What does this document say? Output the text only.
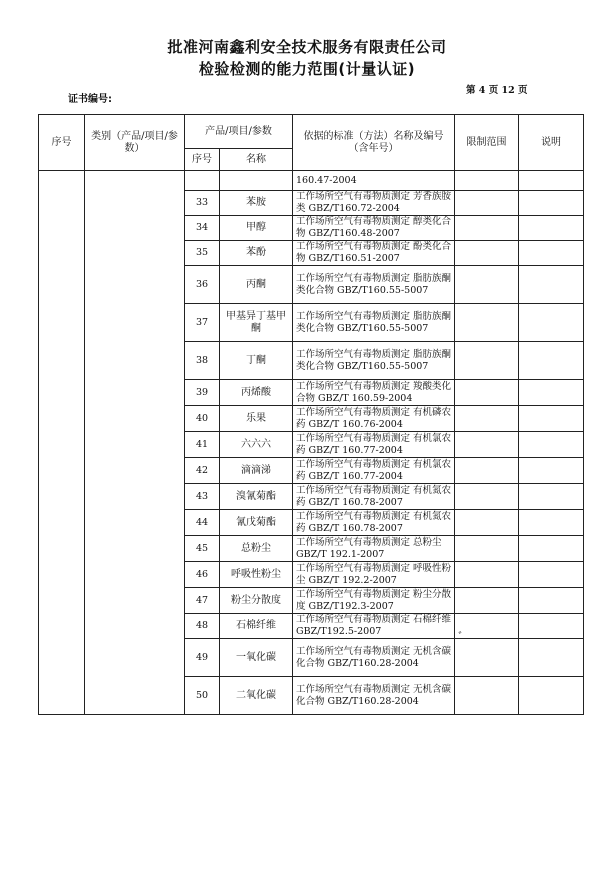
批准河南鑫利安全技术服务有限责任公司
检验检测的能力范围(计量认证)
第 4 页 12 页
证书编号:
序号	类别（产品/项目/参数）	产品/项目/参数		依据的标准（方法）名称及编号（含年号）	限制范围	说明
		序号	名称			
				160.47-2004		
		33	苯胺	工作场所空气有毒物质测定 芳香族胺类 GBZ/T160.72-2004		
		34	甲醇	工作场所空气有毒物质测定 醇类化合物 GBZ/T160.48-2007		
		35	苯酚	工作场所空气有毒物质测定 酚类化合物 GBZ/T160.51-2007		
		36	丙酮	工作场所空气有毒物质测定 脂肪族酮类化合物 GBZ/T160.55-5007		
		37	甲基异丁基甲酮	工作场所空气有毒物质测定 脂肪族酮类化合物 GBZ/T160.55-5007		
		38	丁酮	工作场所空气有毒物质测定 脂肪族酮类化合物 GBZ/T160.55-5007		
		39	丙烯酸	工作场所空气有毒物质测定 羧酸类化合物 GBZ/T 160.59-2004		
		40	乐果	工作场所空气有毒物质测定 有机磷农药 GBZ/T 160.76-2004		
		41	六六六	工作场所空气有毒物质测定 有机氯农药 GBZ/T 160.77-2004		
		42	滴滴涕	工作场所空气有毒物质测定 有机氯农药 GBZ/T 160.77-2004		
		43	溴氰菊酯	工作场所空气有毒物质测定 有机氮农药 GBZ/T 160.78-2007		
		44	氰戊菊酯	工作场所空气有毒物质测定 有机氮农药 GBZ/T 160.78-2007		
		45	总粉尘	工作场所空气有毒物质测定 总粉尘 GBZ/T 192.1-2007		
		46	呼吸性粉尘	工作场所空气有毒物质测定 呼吸性粉尘 GBZ/T 192.2-2007		
		47	粉尘分散度	工作场所空气有毒物质测定 粉尘分散度 GBZ/T192.3-2007		
		48	石棉纤维	工作场所空气有毒物质测定 石棉纤维 GBZ/T192.5-2007		
		49	一氧化碳	工作场所空气有毒物质测定 无机含碳化合物 GBZ/T160.28-2004		
		50	二氧化碳	工作场所空气有毒物质测定 无机含碳化合物 GBZ/T160.28-2004		
ﾞ
